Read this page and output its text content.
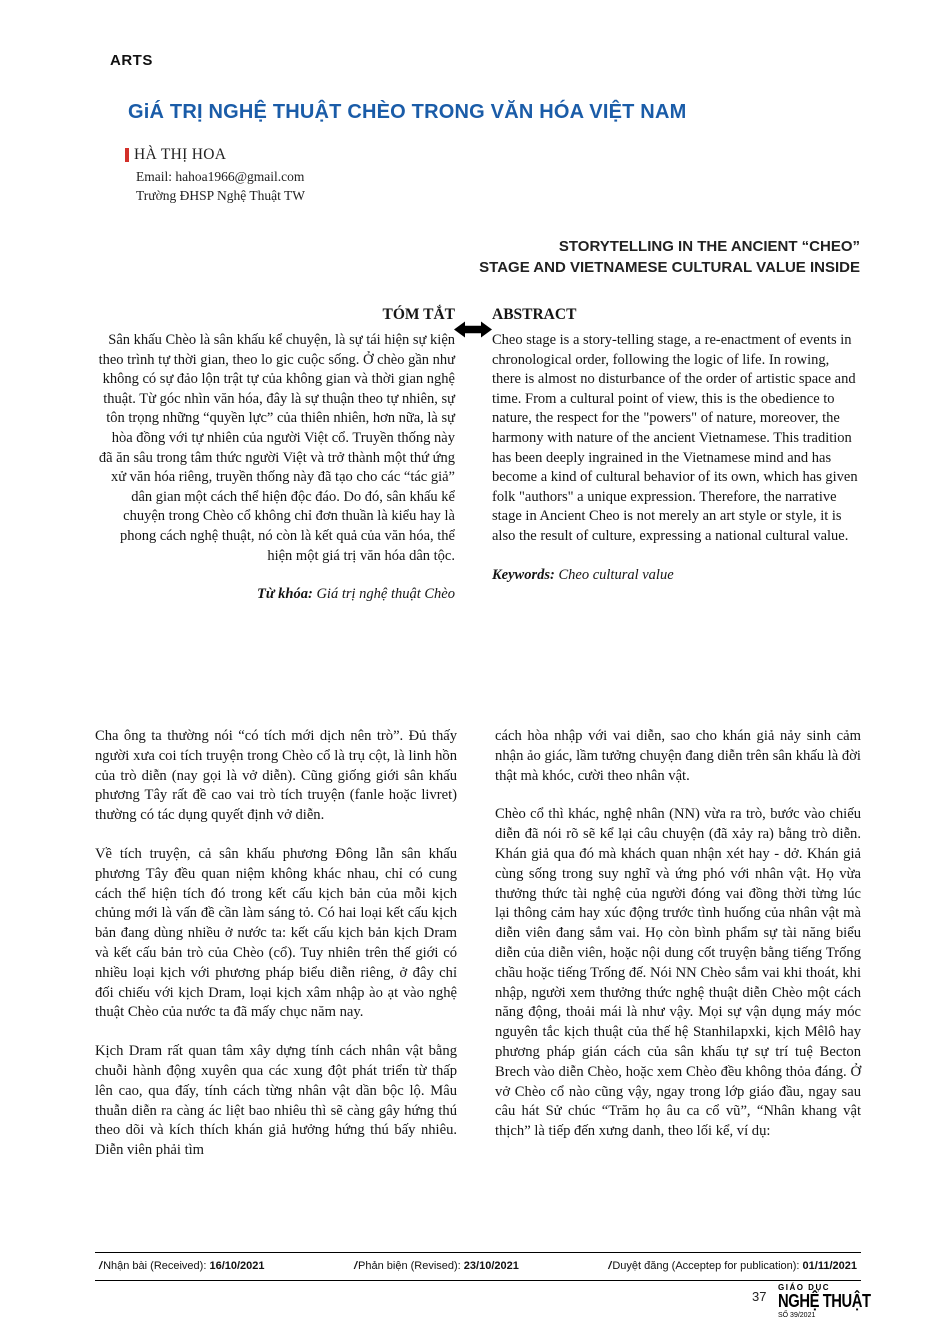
ARTS
GiÁ TRỊ NGHỆ THUẬT CHÈO TRONG VĂN HÓA VIỆT NAM
HÀ THỊ HOA
Email: hahoa1966@gmail.com
Trường ĐHSP Nghệ Thuật TW
STORYTELLING IN THE ANCIENT “CHEO”
STAGE AND VIETNAMESE CULTURAL VALUE INSIDE
TÓM TẮT

Sân khấu Chèo là sân khấu kể chuyện, là sự tái hiện sự kiện theo trình tự thời gian, theo lo gic cuộc sống. Ở chèo gần như không có sự đảo lộn trật tự của không gian và thời gian nghệ thuật. Từ góc nhìn văn hóa, đây là sự thuận theo tự nhiên, sự tôn trọng những “quyền lực” của thiên nhiên, hơn nữa, là sự hòa đồng với tự nhiên của người Việt cổ. Truyền thống này đã ăn sâu trong tâm thức người Việt và trở thành một thứ ứng xử văn hóa riêng, truyền thống này đã tạo cho các “tác giả” dân gian một cách thể hiện độc đáo. Do đó, sân khấu kể chuyện trong Chèo cổ không chỉ đơn thuần là kiểu hay là phong cách nghệ thuật, nó còn là kết quả của văn hóa, thể hiện một giá trị văn hóa dân tộc.

Từ khóa: Giá trị nghệ thuật Chèo

ABSTRACT

Cheo stage is a story-telling stage, a re-enactment of events in chronological order, following the logic of life. In rowing, there is almost no disturbance of the order of artistic space and time. From a cultural point of view, this is the obedience to nature, the respect for the "powers" of nature, moreover, the harmony with nature of the ancient Vietnamese. This tradition has been deeply ingrained in the Vietnamese mind and has become a kind of cultural behavior of its own, which has given folk "authors" a unique expression. Therefore, the narrative stage in Ancient Cheo is not merely an art style or style, it is also the result of culture, expressing a national cultural value.

Keywords: Cheo cultural value

Cha ông ta thường nói “có tích mới dịch nên trò”. Đủ thấy người xưa coi tích truyện trong Chèo cổ là trụ cột, là linh hồn của trò diễn (nay gọi là vở diễn). Cũng giống giới sân khấu phương Tây rất đề cao vai trò tích truyện (fanle hoặc livret) thường có tác dụng quyết định vở diễn.

Về tích truyện, cả sân khấu phương Đông lẫn sân khấu phương Tây đều quan niệm không khác nhau, chỉ có cung cách thể hiện tích đó trong kết cấu kịch bản của mỗi kịch chủng mới là vấn đề cần làm sáng tỏ. Có hai loại kết cấu kịch bản đang dùng nhiều ở nước ta: kết cấu kịch bản kịch Dram và kết cấu bản trò của Chèo (cổ). Tuy nhiên trên thế giới có nhiều loại kịch với phương pháp biểu diễn riêng, ở đây chỉ đối chiếu với kịch Dram, loại kịch xâm nhập ào ạt vào nghệ thuật Chèo của nước ta đã mấy chục năm nay.

Kịch Dram rất quan tâm xây dựng tính cách nhân vật bằng chuỗi hành động xuyên qua các xung đột phát triển từ thấp lên cao, qua đấy, tính cách từng nhân vật dần bộc lộ. Mâu thuẫn diễn ra càng ác liệt bao nhiêu thì sẽ càng gây hứng thú theo dõi và kích thích khán giả hưởng hứng thú bấy nhiêu. Diễn viên phải tìm

cách hòa nhập với vai diễn, sao cho khán giả nảy sinh cảm nhận ảo giác, lầm tưởng chuyện đang diễn trên sân khấu là đời thật mà khóc, cười theo nhân vật.

Chèo cổ thì khác, nghệ nhân (NN) vừa ra trò, bước vào chiếu diễn đã nói rõ sẽ kể lại câu chuyện (đã xảy ra) bằng trò diễn. Khán giả qua đó mà khách quan nhận xét hay - dở. Khán giả cùng sống trong suy nghĩ và ứng phó với nhân vật. Họ vừa thưởng thức tài nghệ của người đóng vai đồng thời từng lúc lại thông cảm hay xúc động trước tình huống của nhân vật mà diễn viên đang sắm vai. Họ còn bình phẩm sự tài năng biểu diễn của diễn viên, hoặc nội dung cốt truyện bằng tiếng Trống chầu hoặc tiếng Trống đế. Nói NN Chèo sắm vai khi thoát, khi nhập, người xem thưởng thức nghệ thuật diễn Chèo một cách năng động, thoải mái là như vậy. Mọi sự vận dụng máy móc nguyên tắc kịch thuật của thế hệ Stanhilapxki, kịch Mêlô hay phương pháp gián cách của sân khấu tự sự trí tuệ Becton Brech vào diễn Chèo, hoặc xem Chèo đều không thỏa đáng. Ở vở Chèo cổ nào cũng vậy, ngay trong lớp giáo đầu, ngay sau câu hát Sử chúc “Trăm họ âu ca cổ vũ”, “Nhân khang vật thịch” là tiếp đến xưng danh, theo lối kể, ví dụ:

/Nhận bài (Received): 16/10/2021	/Phản biện (Revised): 23/10/2021	/Duyệt đăng (Acceptep for publication): 01/11/2021
37
GIÁO DỤC
NGHỆ THUẬT
SỐ 39/2021
